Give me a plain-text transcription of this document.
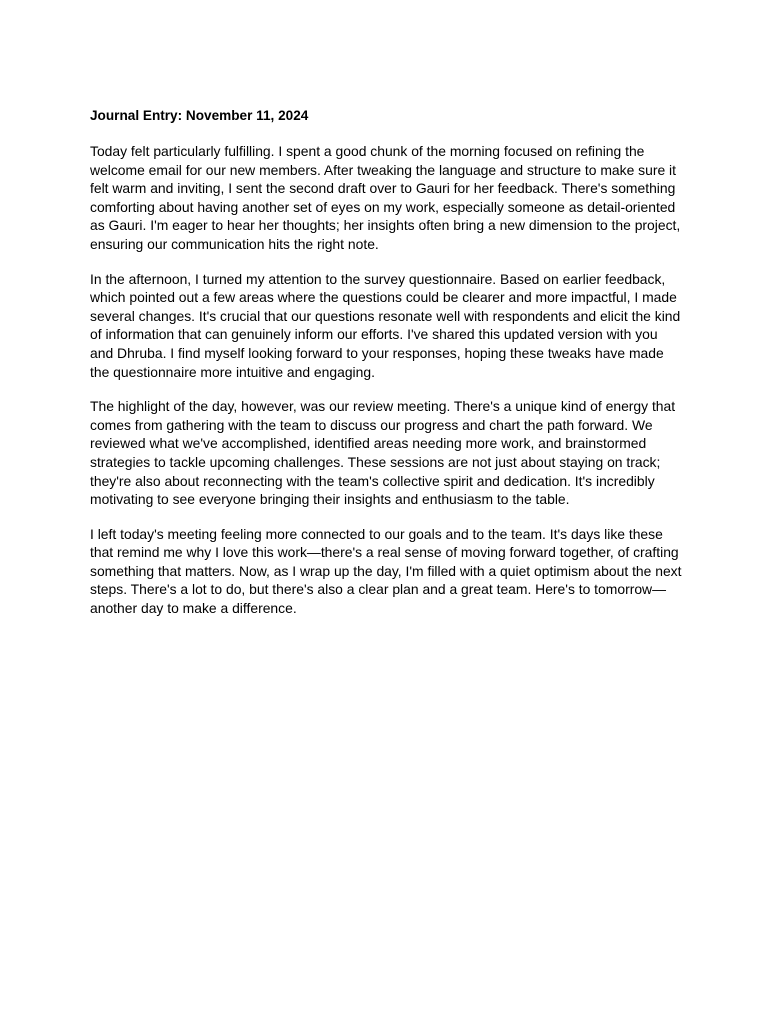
Journal Entry: November 11, 2024

Today felt particularly fulfilling. I spent a good chunk of the morning focused on refining the welcome email for our new members. After tweaking the language and structure to make sure it felt warm and inviting, I sent the second draft over to Gauri for her feedback. There's something comforting about having another set of eyes on my work, especially someone as detail-oriented as Gauri. I'm eager to hear her thoughts; her insights often bring a new dimension to the project, ensuring our communication hits the right note.

In the afternoon, I turned my attention to the survey questionnaire. Based on earlier feedback, which pointed out a few areas where the questions could be clearer and more impactful, I made several changes. It's crucial that our questions resonate well with respondents and elicit the kind of information that can genuinely inform our efforts. I've shared this updated version with you and Dhruba. I find myself looking forward to your responses, hoping these tweaks have made the questionnaire more intuitive and engaging.

The highlight of the day, however, was our review meeting. There's a unique kind of energy that comes from gathering with the team to discuss our progress and chart the path forward. We reviewed what we've accomplished, identified areas needing more work, and brainstormed strategies to tackle upcoming challenges. These sessions are not just about staying on track; they're also about reconnecting with the team's collective spirit and dedication. It's incredibly motivating to see everyone bringing their insights and enthusiasm to the table.

I left today's meeting feeling more connected to our goals and to the team. It's days like these that remind me why I love this work—there's a real sense of moving forward together, of crafting something that matters. Now, as I wrap up the day, I'm filled with a quiet optimism about the next steps. There's a lot to do, but there's also a clear plan and a great team. Here's to tomorrow—another day to make a difference.
